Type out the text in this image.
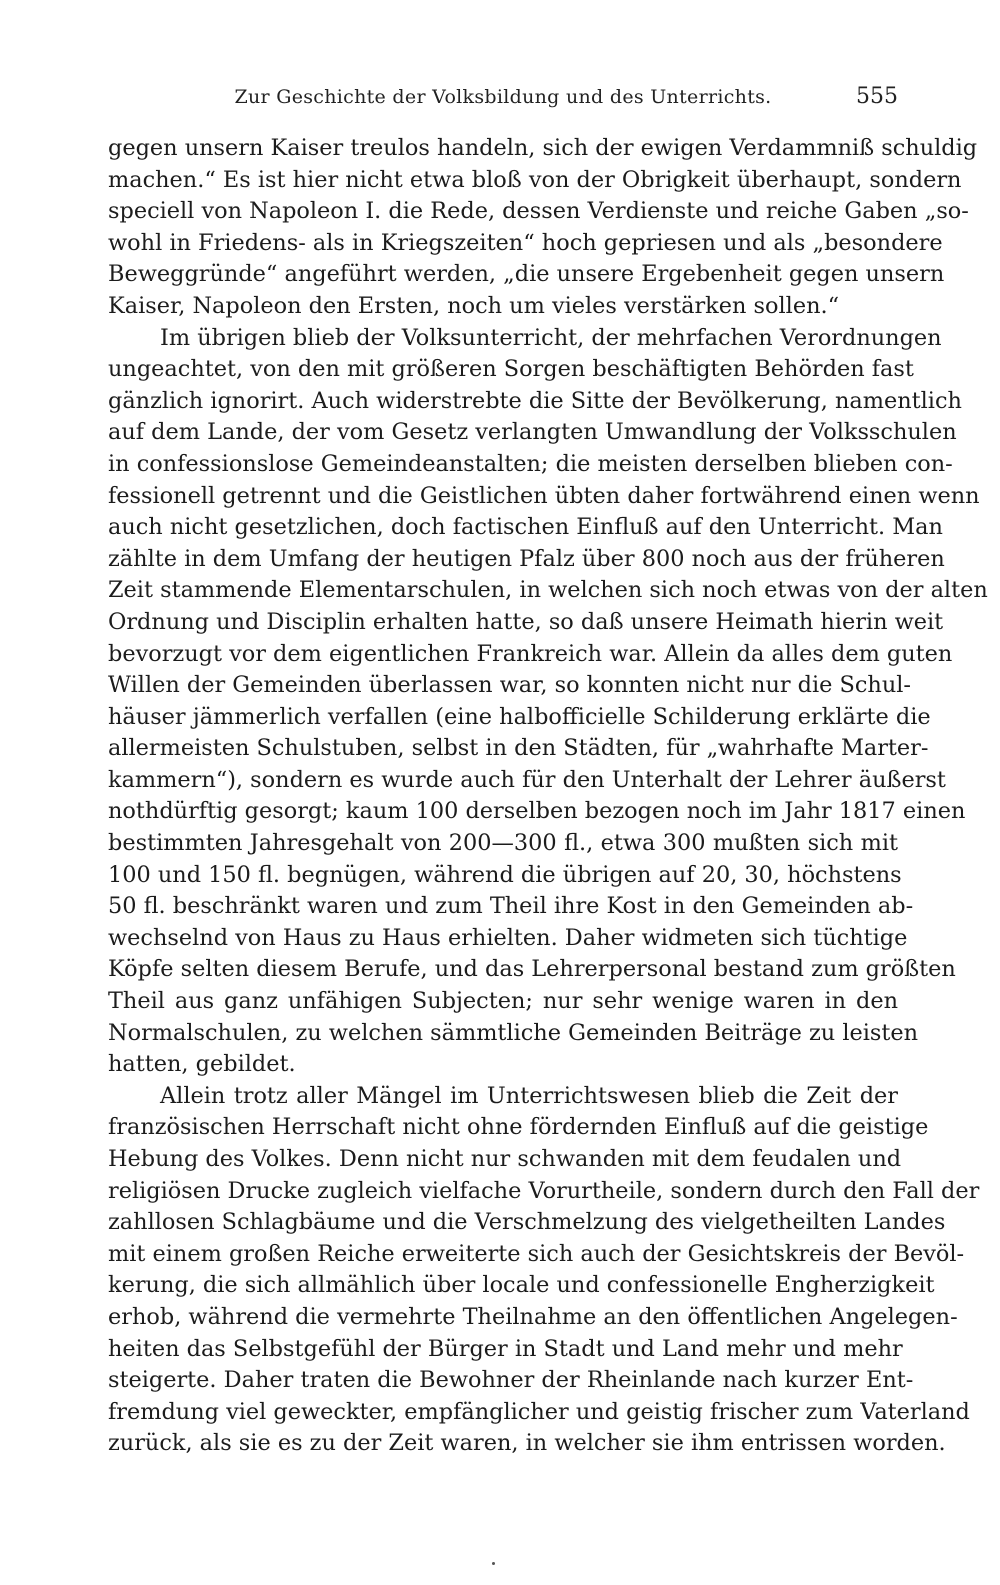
Zur Geschichte der Volksbildung und des Unterrichts.	555
gegen unsern Kaiser treulos handeln, sich der ewigen Verdammniß schuldig
machen.“ Es ist hier nicht etwa bloß von der Obrigkeit überhaupt, sondern
speciell von Napoleon I. die Rede, dessen Verdienste und reiche Gaben „so-
wohl in Friedens- als in Kriegszeiten“ hoch gepriesen und als „besondere
Beweggründe“ angeführt werden, „die unsere Ergebenheit gegen unsern
Kaiser, Napoleon den Ersten, noch um vieles verstärken sollen.“
Im übrigen blieb der Volksunterricht, der mehrfachen Verordnungen
ungeachtet, von den mit größeren Sorgen beschäftigten Behörden fast
gänzlich ignorirt. Auch widerstrebte die Sitte der Bevölkerung, namentlich
auf dem Lande, der vom Gesetz verlangten Umwandlung der Volksschulen
in confessionslose Gemeindeanstalten; die meisten derselben blieben con-
fessionell getrennt und die Geistlichen übten daher fortwährend einen wenn
auch nicht gesetzlichen, doch factischen Einfluß auf den Unterricht. Man
zählte in dem Umfang der heutigen Pfalz über 800 noch aus der früheren
Zeit stammende Elementarschulen, in welchen sich noch etwas von der alten
Ordnung und Disciplin erhalten hatte, so daß unsere Heimath hierin weit
bevorzugt vor dem eigentlichen Frankreich war. Allein da alles dem guten
Willen der Gemeinden überlassen war, so konnten nicht nur die Schul-
häuser jämmerlich verfallen (eine halbofficielle Schilderung erklärte die
allermeisten Schulstuben, selbst in den Städten, für „wahrhafte Marter-
kammern“), sondern es wurde auch für den Unterhalt der Lehrer äußerst
nothdürftig gesorgt; kaum 100 derselben bezogen noch im Jahr 1817 einen
bestimmten Jahresgehalt von 200—300 fl., etwa 300 mußten sich mit
100 und 150 fl. begnügen, während die übrigen auf 20, 30, höchstens
50 fl. beschränkt waren und zum Theil ihre Kost in den Gemeinden ab-
wechselnd von Haus zu Haus erhielten. Daher widmeten sich tüchtige
Köpfe selten diesem Berufe, und das Lehrerpersonal bestand zum größten
Theil aus ganz unfähigen Subjecten; nur sehr wenige waren in den
Normalschulen, zu welchen sämmtliche Gemeinden Beiträge zu leisten
hatten, gebildet.
Allein trotz aller Mängel im Unterrichtswesen blieb die Zeit der
französischen Herrschaft nicht ohne fördernden Einfluß auf die geistige
Hebung des Volkes. Denn nicht nur schwanden mit dem feudalen und
religiösen Drucke zugleich vielfache Vorurtheile, sondern durch den Fall der
zahllosen Schlagbäume und die Verschmelzung des vielgetheilten Landes
mit einem großen Reiche erweiterte sich auch der Gesichtskreis der Bevöl-
kerung, die sich allmählich über locale und confessionelle Engherzigkeit
erhob, während die vermehrte Theilnahme an den öffentlichen Angelegen-
heiten das Selbstgefühl der Bürger in Stadt und Land mehr und mehr
steigerte. Daher traten die Bewohner der Rheinlande nach kurzer Ent-
fremdung viel geweckter, empfänglicher und geistig frischer zum Vaterland
zurück, als sie es zu der Zeit waren, in welcher sie ihm entrissen worden.
